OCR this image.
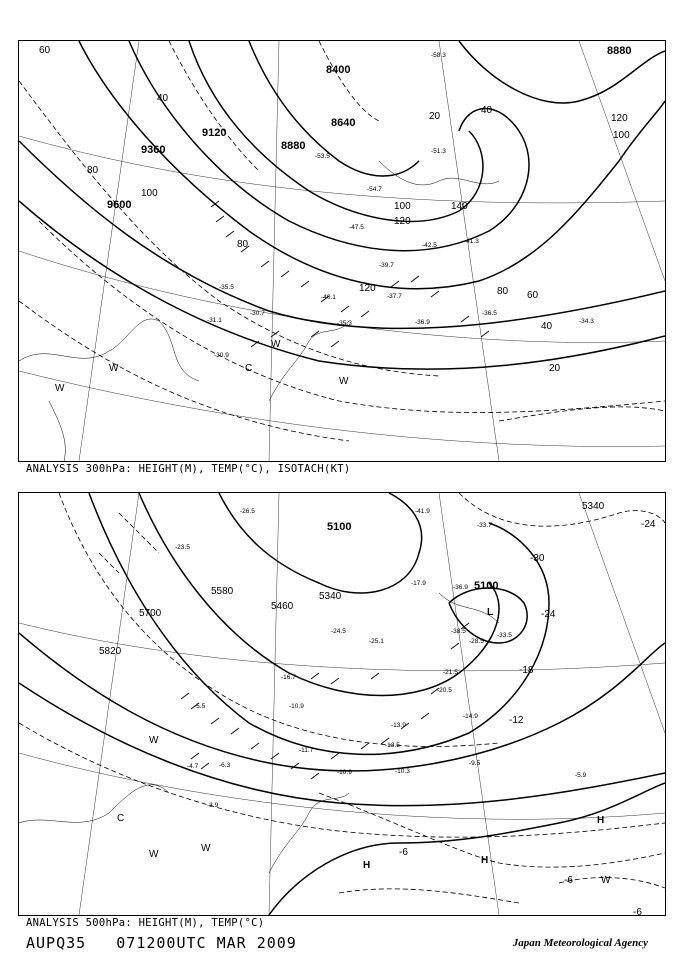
9600
9360
9120
8880
8640
8400
8880
60
40
80
100
120
140
20
40
80
120
100
60
40
20
80
100
120
-51.3
-54.7
-53.5
-47.5
-42.5
-41.3
-39.7
-37.7
-40.1
-35.3	-36.9
-36.5
-34.3
-30.9
-31.1
-35.5
-30.7
-58.3
W
W	C
W
W
ANALYSIS 300hPa: HEIGHT(M), TEMP(°C), ISOTACH(KT)
5100
5100
5340
5340
5460
5580
5700
5820
-24
-30
-24
-18
-12
-6
-6
-6
-41.9
-33.7
-36.9
-38.5
-28.5
-33.5
-25.1
-21.5
-20.5
-14.9
-13.9
-13.5
-10.9	-10.3
-11.7
-9.5
-5.9
-6.3
-3.9
-4.7
-5.5	-10.9
-16.7
-23.5
-26.5
-24.5
-17.9
L
H	H
H
W
W
W
C
W
ANALYSIS 500hPa: HEIGHT(M), TEMP(°C)
AUPQ35 071200UTC MAR 2009	Japan Meteorological Agency
